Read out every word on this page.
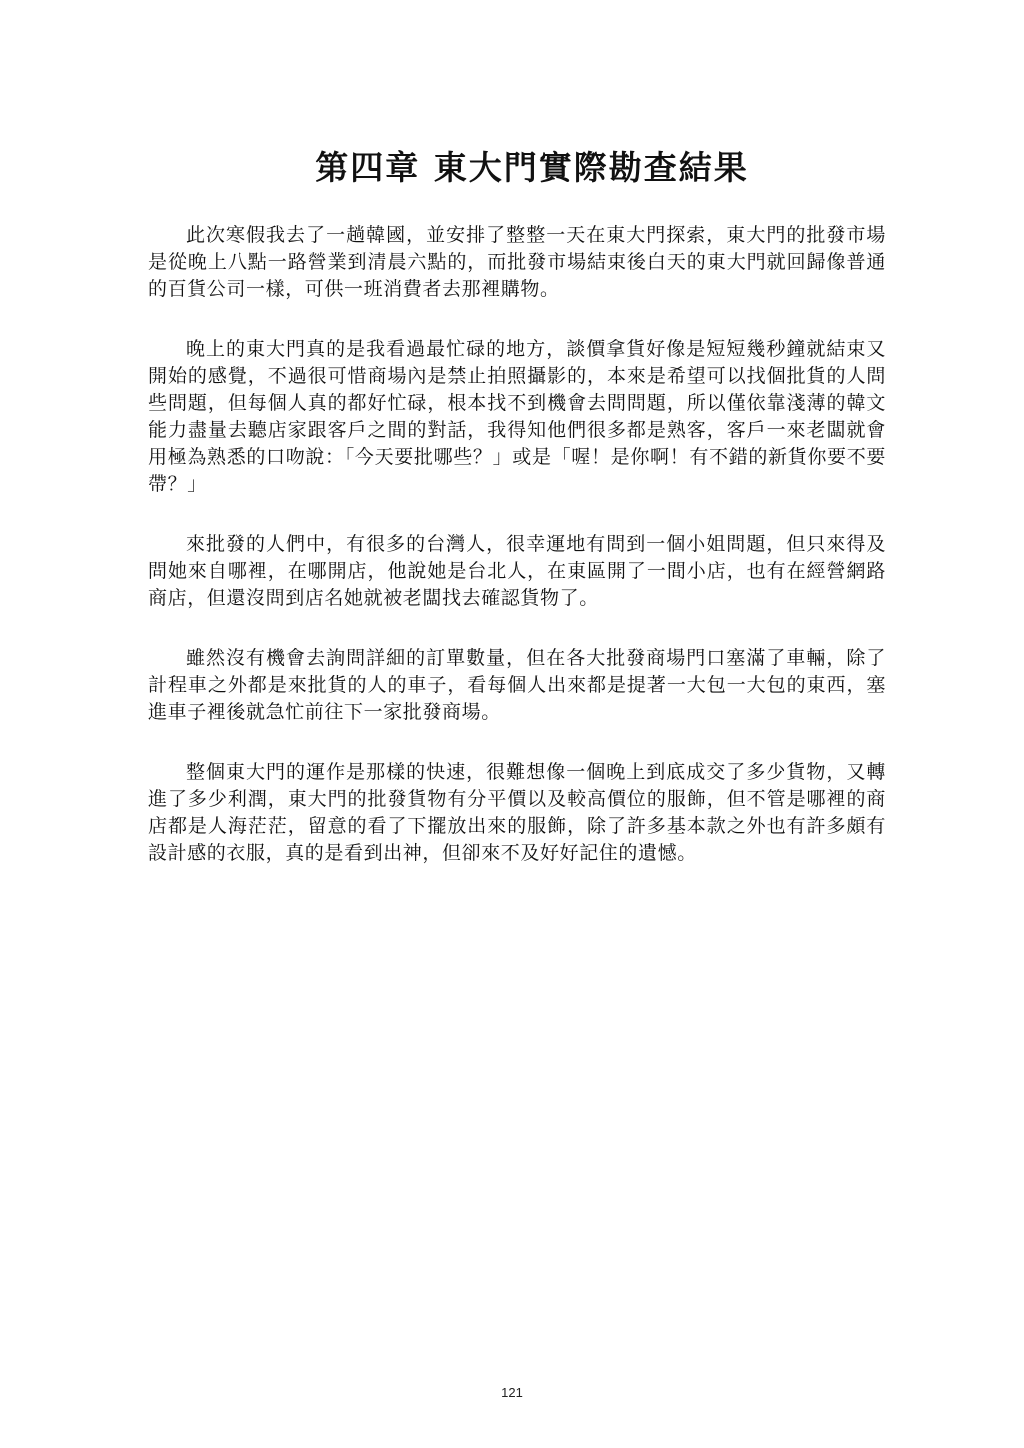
第四章 東大門實際勘查結果

此次寒假我去了一趟韓國，並安排了整整一天在東大門探索，東大門的批發市場是從晚上八點一路營業到清晨六點的，而批發市場結束後白天的東大門就回歸像普通的百貨公司一樣，可供一班消費者去那裡購物。

晚上的東大門真的是我看過最忙碌的地方，談價拿貨好像是短短幾秒鐘就結束又開始的感覺，不過很可惜商場內是禁止拍照攝影的，本來是希望可以找個批貨的人問些問題，但每個人真的都好忙碌，根本找不到機會去問問題，所以僅依靠淺薄的韓文能力盡量去聽店家跟客戶之間的對話，我得知他們很多都是熟客，客戶一來老闆就會用極為熟悉的口吻說：「今天要批哪些？」或是「喔！是你啊！有不錯的新貨你要不要帶？」

來批發的人們中，有很多的台灣人，很幸運地有問到一個小姐問題，但只來得及問她來自哪裡，在哪開店，他說她是台北人，在東區開了一間小店，也有在經營網路商店，但還沒問到店名她就被老闆找去確認貨物了。

雖然沒有機會去詢問詳細的訂單數量，但在各大批發商場門口塞滿了車輛，除了計程車之外都是來批貨的人的車子，看每個人出來都是提著一大包一大包的東西，塞進車子裡後就急忙前往下一家批發商場。

整個東大門的運作是那樣的快速，很難想像一個晚上到底成交了多少貨物，又轉進了多少利潤，東大門的批發貨物有分平價以及較高價位的服飾，但不管是哪裡的商店都是人海茫茫，留意的看了下擺放出來的服飾，除了許多基本款之外也有許多頗有設計感的衣服，真的是看到出神，但卻來不及好好記住的遺憾。

121
